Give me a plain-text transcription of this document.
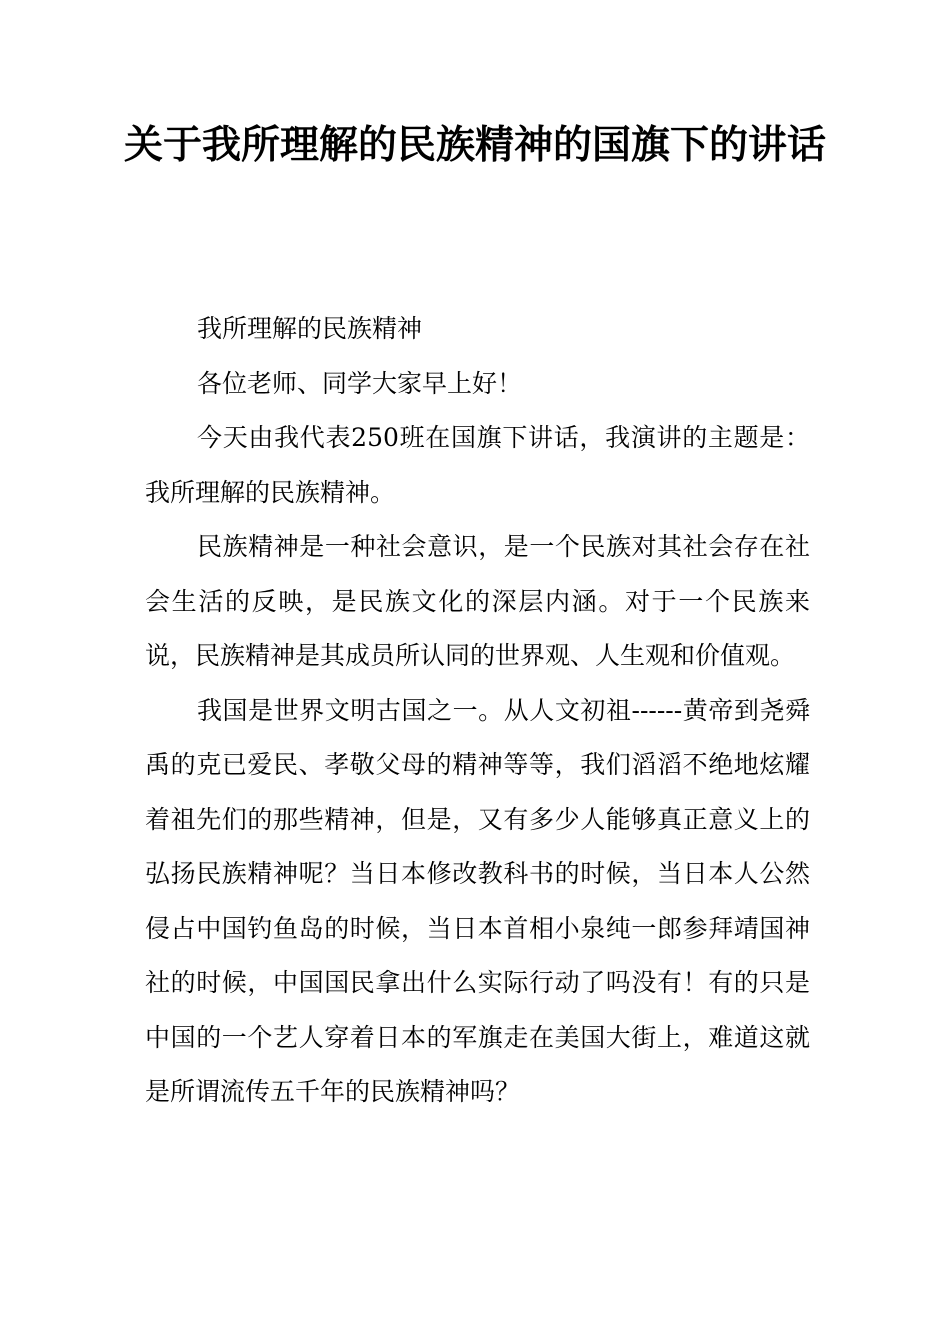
关于我所理解的民族精神的国旗下的讲话

我所理解的民族精神

各位老师、同学大家早上好！

今天由我代表250班在国旗下讲话，我演讲的主题是：我所理解的民族精神。

民族精神是一种社会意识，是一个民族对其社会存在社会生活的反映，是民族文化的深层内涵。对于一个民族来说，民族精神是其成员所认同的世界观、人生观和价值观。

我国是世界文明古国之一。从人文初祖------黄帝到尧舜禹的克已爱民、孝敬父母的精神等等，我们滔滔不绝地炫耀着祖先们的那些精神，但是，又有多少人能够真正意义上的弘扬民族精神呢？当日本修改教科书的时候，当日本人公然侵占中国钓鱼岛的时候，当日本首相小泉纯一郎参拜靖国神社的时候，中国国民拿出什么实际行动了吗没有！有的只是中国的一个艺人穿着日本的军旗走在美国大街上，难道这就是所谓流传五千年的民族精神吗？
